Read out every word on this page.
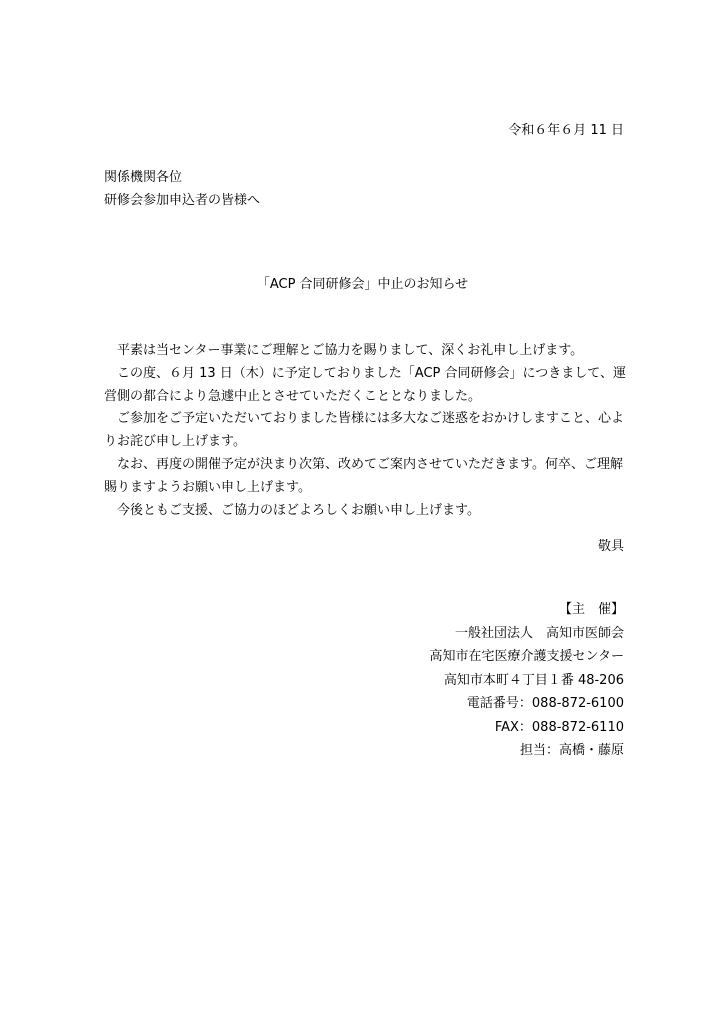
令和６年６月 11 日
関係機関各位
研修会参加申込者の皆様へ
「ACP 合同研修会」中止のお知らせ

平素は当センター事業にご理解とご協力を賜りまして、深くお礼申し上げます。

この度、６月 13 日（木）に予定しておりました「ACP 合同研修会」につきまして、運営側の都合により急遽中止とさせていただくこととなりました。

ご参加をご予定いただいておりました皆様には多大なご迷惑をおかけしますこと、心よりお詫び申し上げます。

なお、再度の開催予定が決まり次第、改めてご案内させていただきます。何卒、ご理解賜りますようお願い申し上げます。

今後ともご支援、ご協力のほどよろしくお願い申し上げます。

敬具
【主　催】
一般社団法人　高知市医師会
高知市在宅医療介護支援センター
高知市本町４丁目１番 48-206
電話番号：088-872-6100
FAX：088-872-6110
担当：高橋・藤原
